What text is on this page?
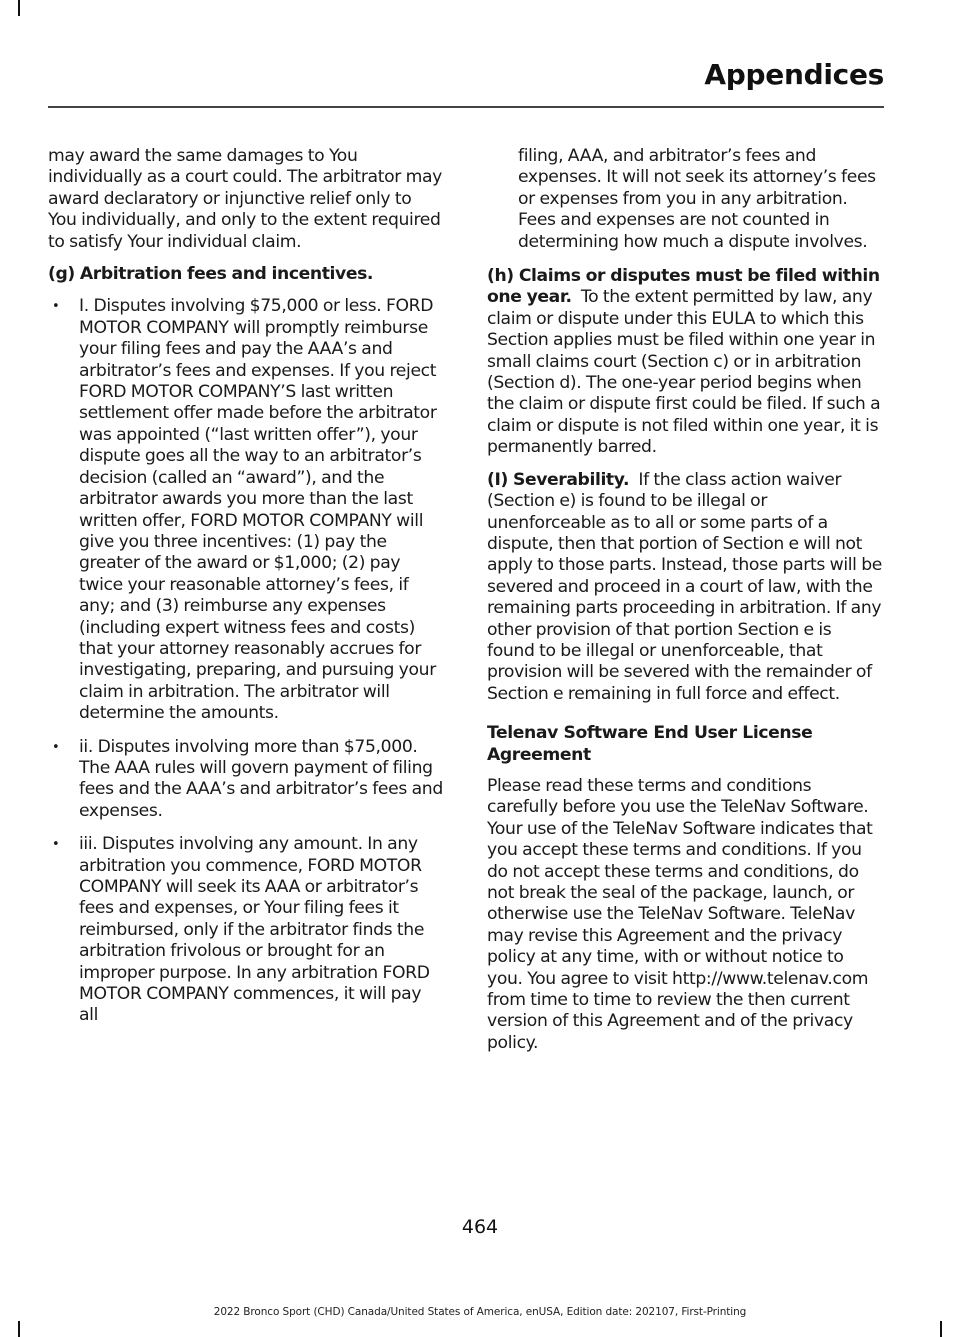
Appendices

may award the same damages to You individually as a court could. The arbitrator may award declaratory or injunctive relief only to You individually, and only to the extent required to satisfy Your individual claim.

(g) Arbitration fees and incentives.

• I. Disputes involving $75,000 or less. FORD MOTOR COMPANY will promptly reimburse your filing fees and pay the AAA’s and arbitrator’s fees and expenses. If you reject FORD MOTOR COMPANY’S last written settlement offer made before the arbitrator was appointed (“last written offer”), your dispute goes all the way to an arbitrator’s decision (called an “award”), and the arbitrator awards you more than the last written offer, FORD MOTOR COMPANY will give you three incentives: (1) pay the greater of the award or $1,000; (2) pay twice your reasonable attorney’s fees, if any; and (3) reimburse any expenses (including expert witness fees and costs) that your attorney reasonably accrues for investigating, preparing, and pursuing your claim in arbitration. The arbitrator will determine the amounts.
• ii. Disputes involving more than $75,000. The AAA rules will govern payment of filing fees and the AAA’s and arbitrator’s fees and expenses.
• iii. Disputes involving any amount. In any arbitration you commence, FORD MOTOR COMPANY will seek its AAA or arbitrator’s fees and expenses, or Your filing fees it reimbursed, only if the arbitrator finds the arbitration frivolous or brought for an improper purpose. In any arbitration FORD MOTOR COMPANY commences, it will pay all

filing, AAA, and arbitrator’s fees and expenses. It will not seek its attorney’s fees or expenses from you in any arbitration. Fees and expenses are not counted in determining how much a dispute involves.

(h) Claims or disputes must be filed within one year. To the extent permitted by law, any claim or dispute under this EULA to which this Section applies must be filed within one year in small claims court (Section c) or in arbitration (Section d). The one-year period begins when the claim or dispute first could be filed. If such a claim or dispute is not filed within one year, it is permanently barred.

(I) Severability. If the class action waiver (Section e) is found to be illegal or unenforceable as to all or some parts of a dispute, then that portion of Section e will not apply to those parts. Instead, those parts will be severed and proceed in a court of law, with the remaining parts proceeding in arbitration. If any other provision of that portion Section e is found to be illegal or unenforceable, that provision will be severed with the remainder of Section e remaining in full force and effect.

Telenav Software End User License Agreement

Please read these terms and conditions carefully before you use the TeleNav Software. Your use of the TeleNav Software indicates that you accept these terms and conditions. If you do not accept these terms and conditions, do not break the seal of the package, launch, or otherwise use the TeleNav Software. TeleNav may revise this Agreement and the privacy policy at any time, with or without notice to you. You agree to visit http://www.telenav.com from time to time to review the then current version of this Agreement and of the privacy policy.

464
2022 Bronco Sport (CHD) Canada/United States of America, enUSA, Edition date: 202107, First-Printing
